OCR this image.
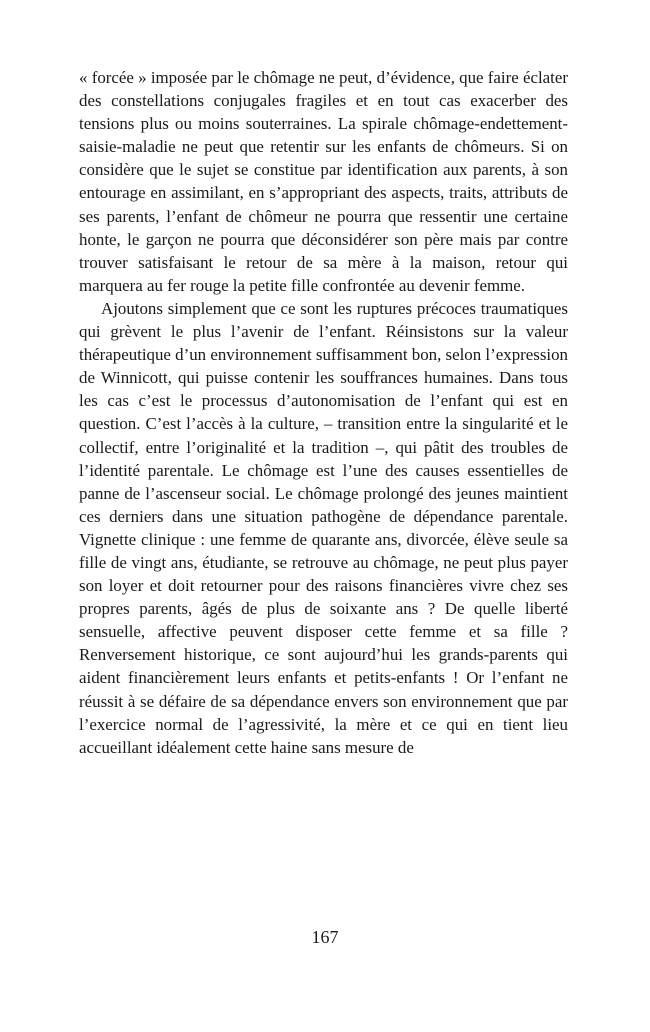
« forcée » imposée par le chômage ne peut, d’évidence, que faire éclater des constellations conjugales fragiles et en tout cas exacerber des tensions plus ou moins souterraines. La spirale chômage-endettement-saisie-maladie ne peut que retentir sur les enfants de chômeurs. Si on considère que le sujet se constitue par identification aux parents, à son entourage en assimilant, en s’appropriant des aspects, traits, attributs de ses parents, l’enfant de chômeur ne pourra que ressentir une certaine honte, le garçon ne pourra que déconsidérer son père mais par contre trouver satisfaisant le retour de sa mère à la maison, retour qui marquera au fer rouge la petite fille confrontée au devenir femme.

Ajoutons simplement que ce sont les ruptures précoces traumatiques qui grèvent le plus l’avenir de l’enfant. Réinsistons sur la valeur thérapeutique d’un environnement suffisamment bon, selon l’expression de Winnicott, qui puisse contenir les souffrances humaines. Dans tous les cas c’est le processus d’autonomisation de l’enfant qui est en question. C’est l’accès à la culture, – transition entre la singularité et le collectif, entre l’originalité et la tradition –, qui pâtit des troubles de l’identité parentale. Le chômage est l’une des causes essentielles de panne de l’ascenseur social. Le chômage prolongé des jeunes maintient ces derniers dans une situation pathogène de dépendance parentale. Vignette clinique : une femme de quarante ans, divorcée, élève seule sa fille de vingt ans, étudiante, se retrouve au chômage, ne peut plus payer son loyer et doit retourner pour des raisons financières vivre chez ses propres parents, âgés de plus de soixante ans ? De quelle liberté sensuelle, affective peuvent disposer cette femme et sa fille ? Renversement historique, ce sont aujourd’hui les grands-parents qui aident financièrement leurs enfants et petits-enfants ! Or l’enfant ne réussit à se défaire de sa dépendance envers son environnement que par l’exercice normal de l’agressivité, la mère et ce qui en tient lieu accueillant idéalement cette haine sans mesure de

167
